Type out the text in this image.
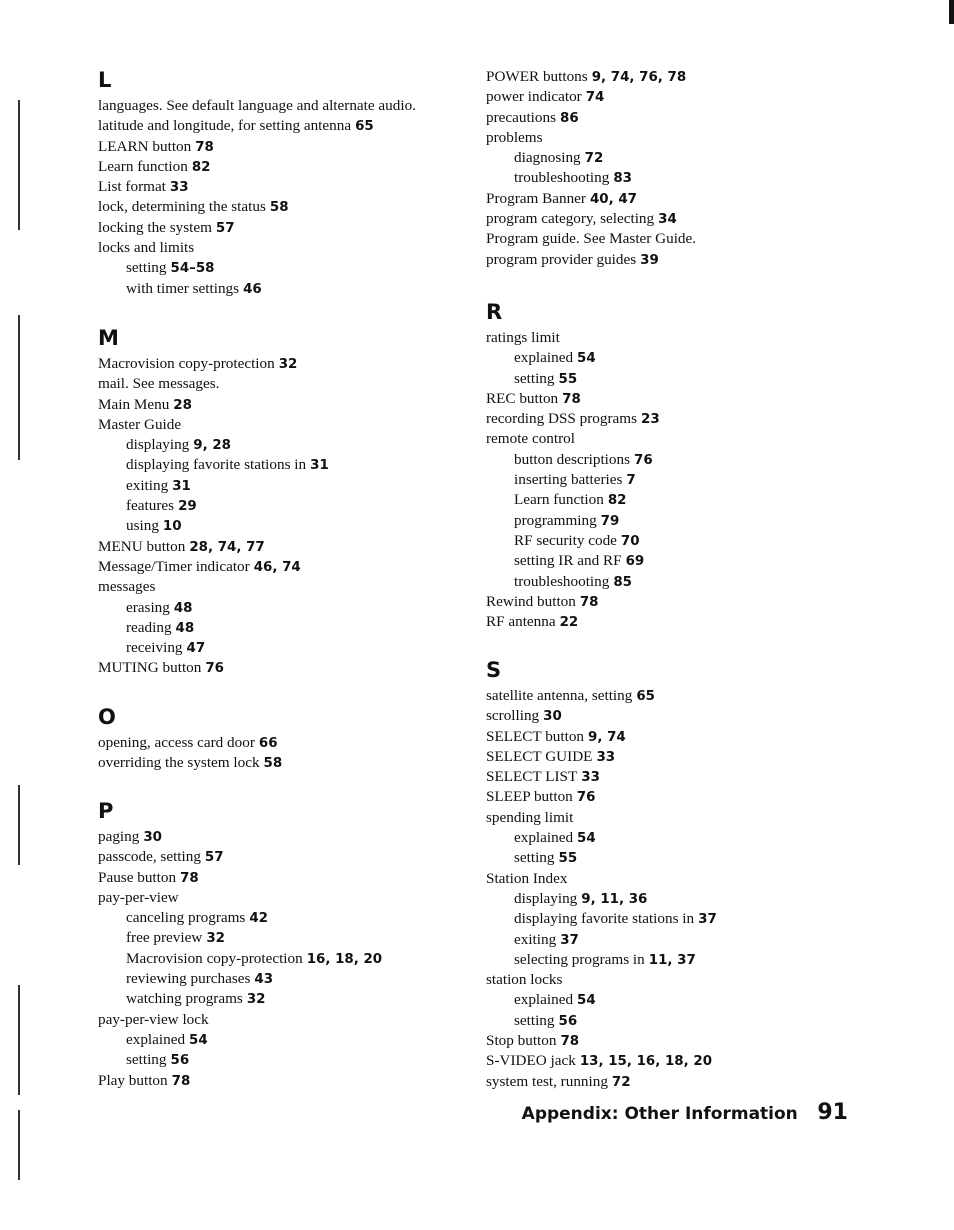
L
languages. See default language and alternate audio.
latitude and longitude, for setting antenna 65
LEARN button 78
Learn function 82
List format 33
lock, determining the status 58
locking the system 57
locks and limits
setting 54–58
with timer settings 46
M
Macrovision copy-protection 32
mail. See messages.
Main Menu 28
Master Guide
displaying 9, 28
displaying favorite stations in 31
exiting 31
features 29
using 10
MENU button 28, 74, 77
Message/Timer indicator 46, 74
messages
erasing 48
reading 48
receiving 47
MUTING button 76
O
opening, access card door 66
overriding the system lock 58
P
paging 30
passcode, setting 57
Pause button 78
pay-per-view
canceling programs 42
free preview 32
Macrovision copy-protection 16, 18, 20
reviewing purchases 43
watching programs 32
pay-per-view lock
explained 54
setting 56
Play button 78
POWER buttons 9, 74, 76, 78
power indicator 74
precautions 86
problems
diagnosing 72
troubleshooting 83
Program Banner 40, 47
program category, selecting 34
Program guide. See Master Guide.
program provider guides 39
R
ratings limit
explained 54
setting 55
REC button 78
recording DSS programs 23
remote control
button descriptions 76
inserting batteries 7
Learn function 82
programming 79
RF security code 70
setting IR and RF 69
troubleshooting 85
Rewind button 78
RF antenna 22
S
satellite antenna, setting 65
scrolling 30
SELECT button 9, 74
SELECT GUIDE 33
SELECT LIST 33
SLEEP button 76
spending limit
explained 54
setting 55
Station Index
displaying 9, 11, 36
displaying favorite stations in 37
exiting 37
selecting programs in 11, 37
station locks
explained 54
setting 56
Stop button 78
S-VIDEO jack 13, 15, 16, 18, 20
system test, running 72
Appendix: Other Information 91
